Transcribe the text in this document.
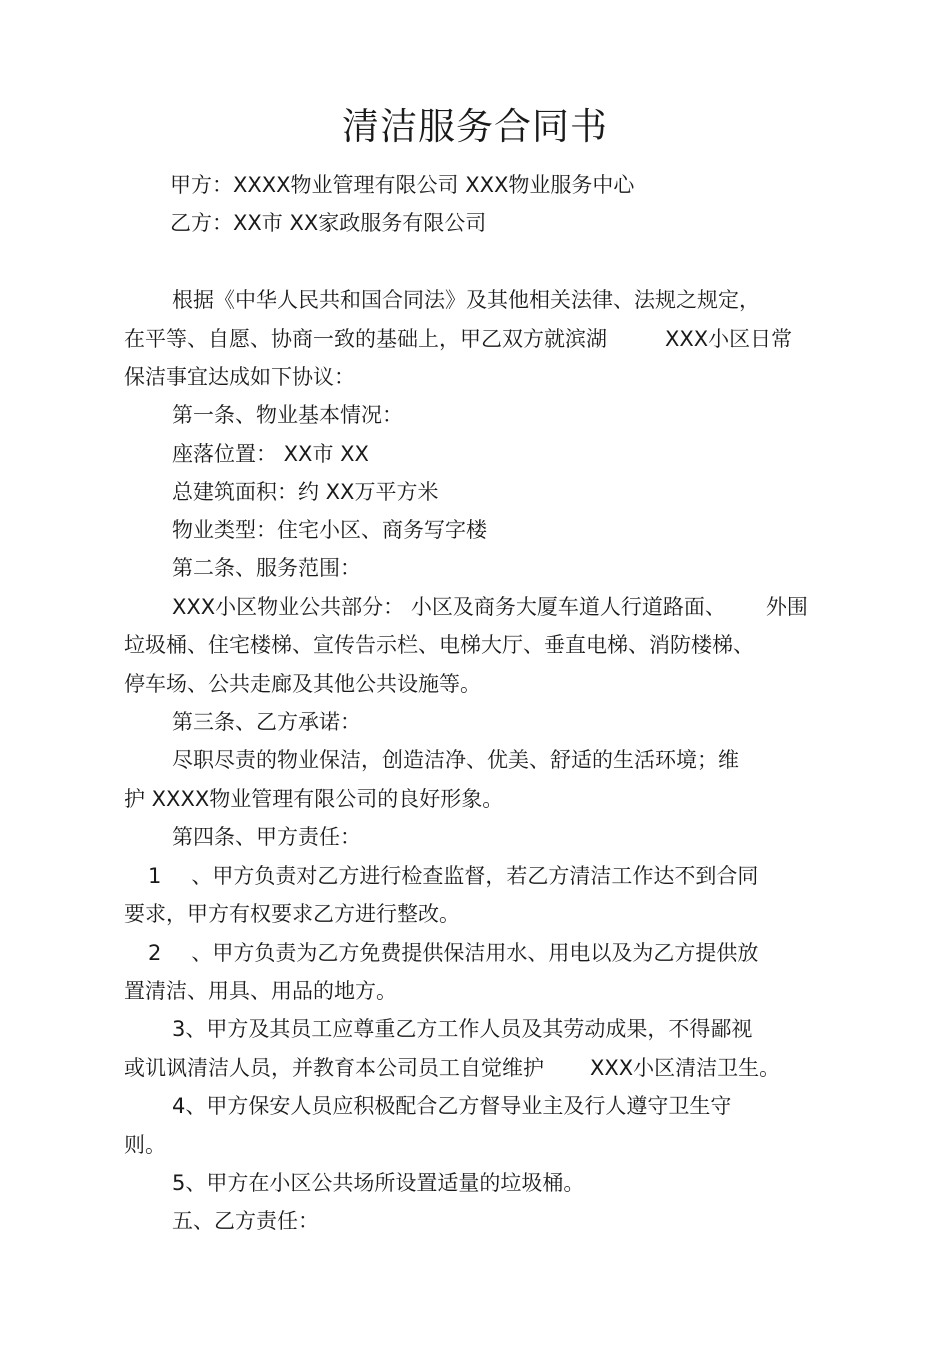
清洁服务合同书
甲方：XXXX物业管理有限公司 XXX物业服务中心
乙方：XX市 XX家政服务有限公司
根据《中华人民共和国合同法》及其他相关法律、法规之规定，
在平等、自愿、协商一致的基础上，甲乙双方就滨湖	XXX小区日常
保洁事宜达成如下协议：
第一条、物业基本情况：
座落位置： XX市 XX
总建筑面积：约 XX万平方米
物业类型：住宅小区、商务写字楼
第二条、服务范围：
XXX小区物业公共部分： 小区及商务大厦车道人行道路面、 外围
垃圾桶、住宅楼梯、宣传告示栏、电梯大厅、垂直电梯、消防楼梯、
停车场、公共走廊及其他公共设施等。
第三条、乙方承诺：
尽职尽责的物业保洁，创造洁净、优美、舒适的生活环境；维
护 XXXX物业管理有限公司的良好形象。
第四条、甲方责任：
1 、甲方负责对乙方进行检查监督，若乙方清洁工作达不到合同
要求，甲方有权要求乙方进行整改。
2 、甲方负责为乙方免费提供保洁用水、用电以及为乙方提供放
置清洁、用具、用品的地方。
3、甲方及其员工应尊重乙方工作人员及其劳动成果，不得鄙视
或讥讽清洁人员，并教育本公司员工自觉维护 XXX小区清洁卫生。
4、甲方保安人员应积极配合乙方督导业主及行人遵守卫生守
则。
5、甲方在小区公共场所设置适量的垃圾桶。
五、乙方责任：
